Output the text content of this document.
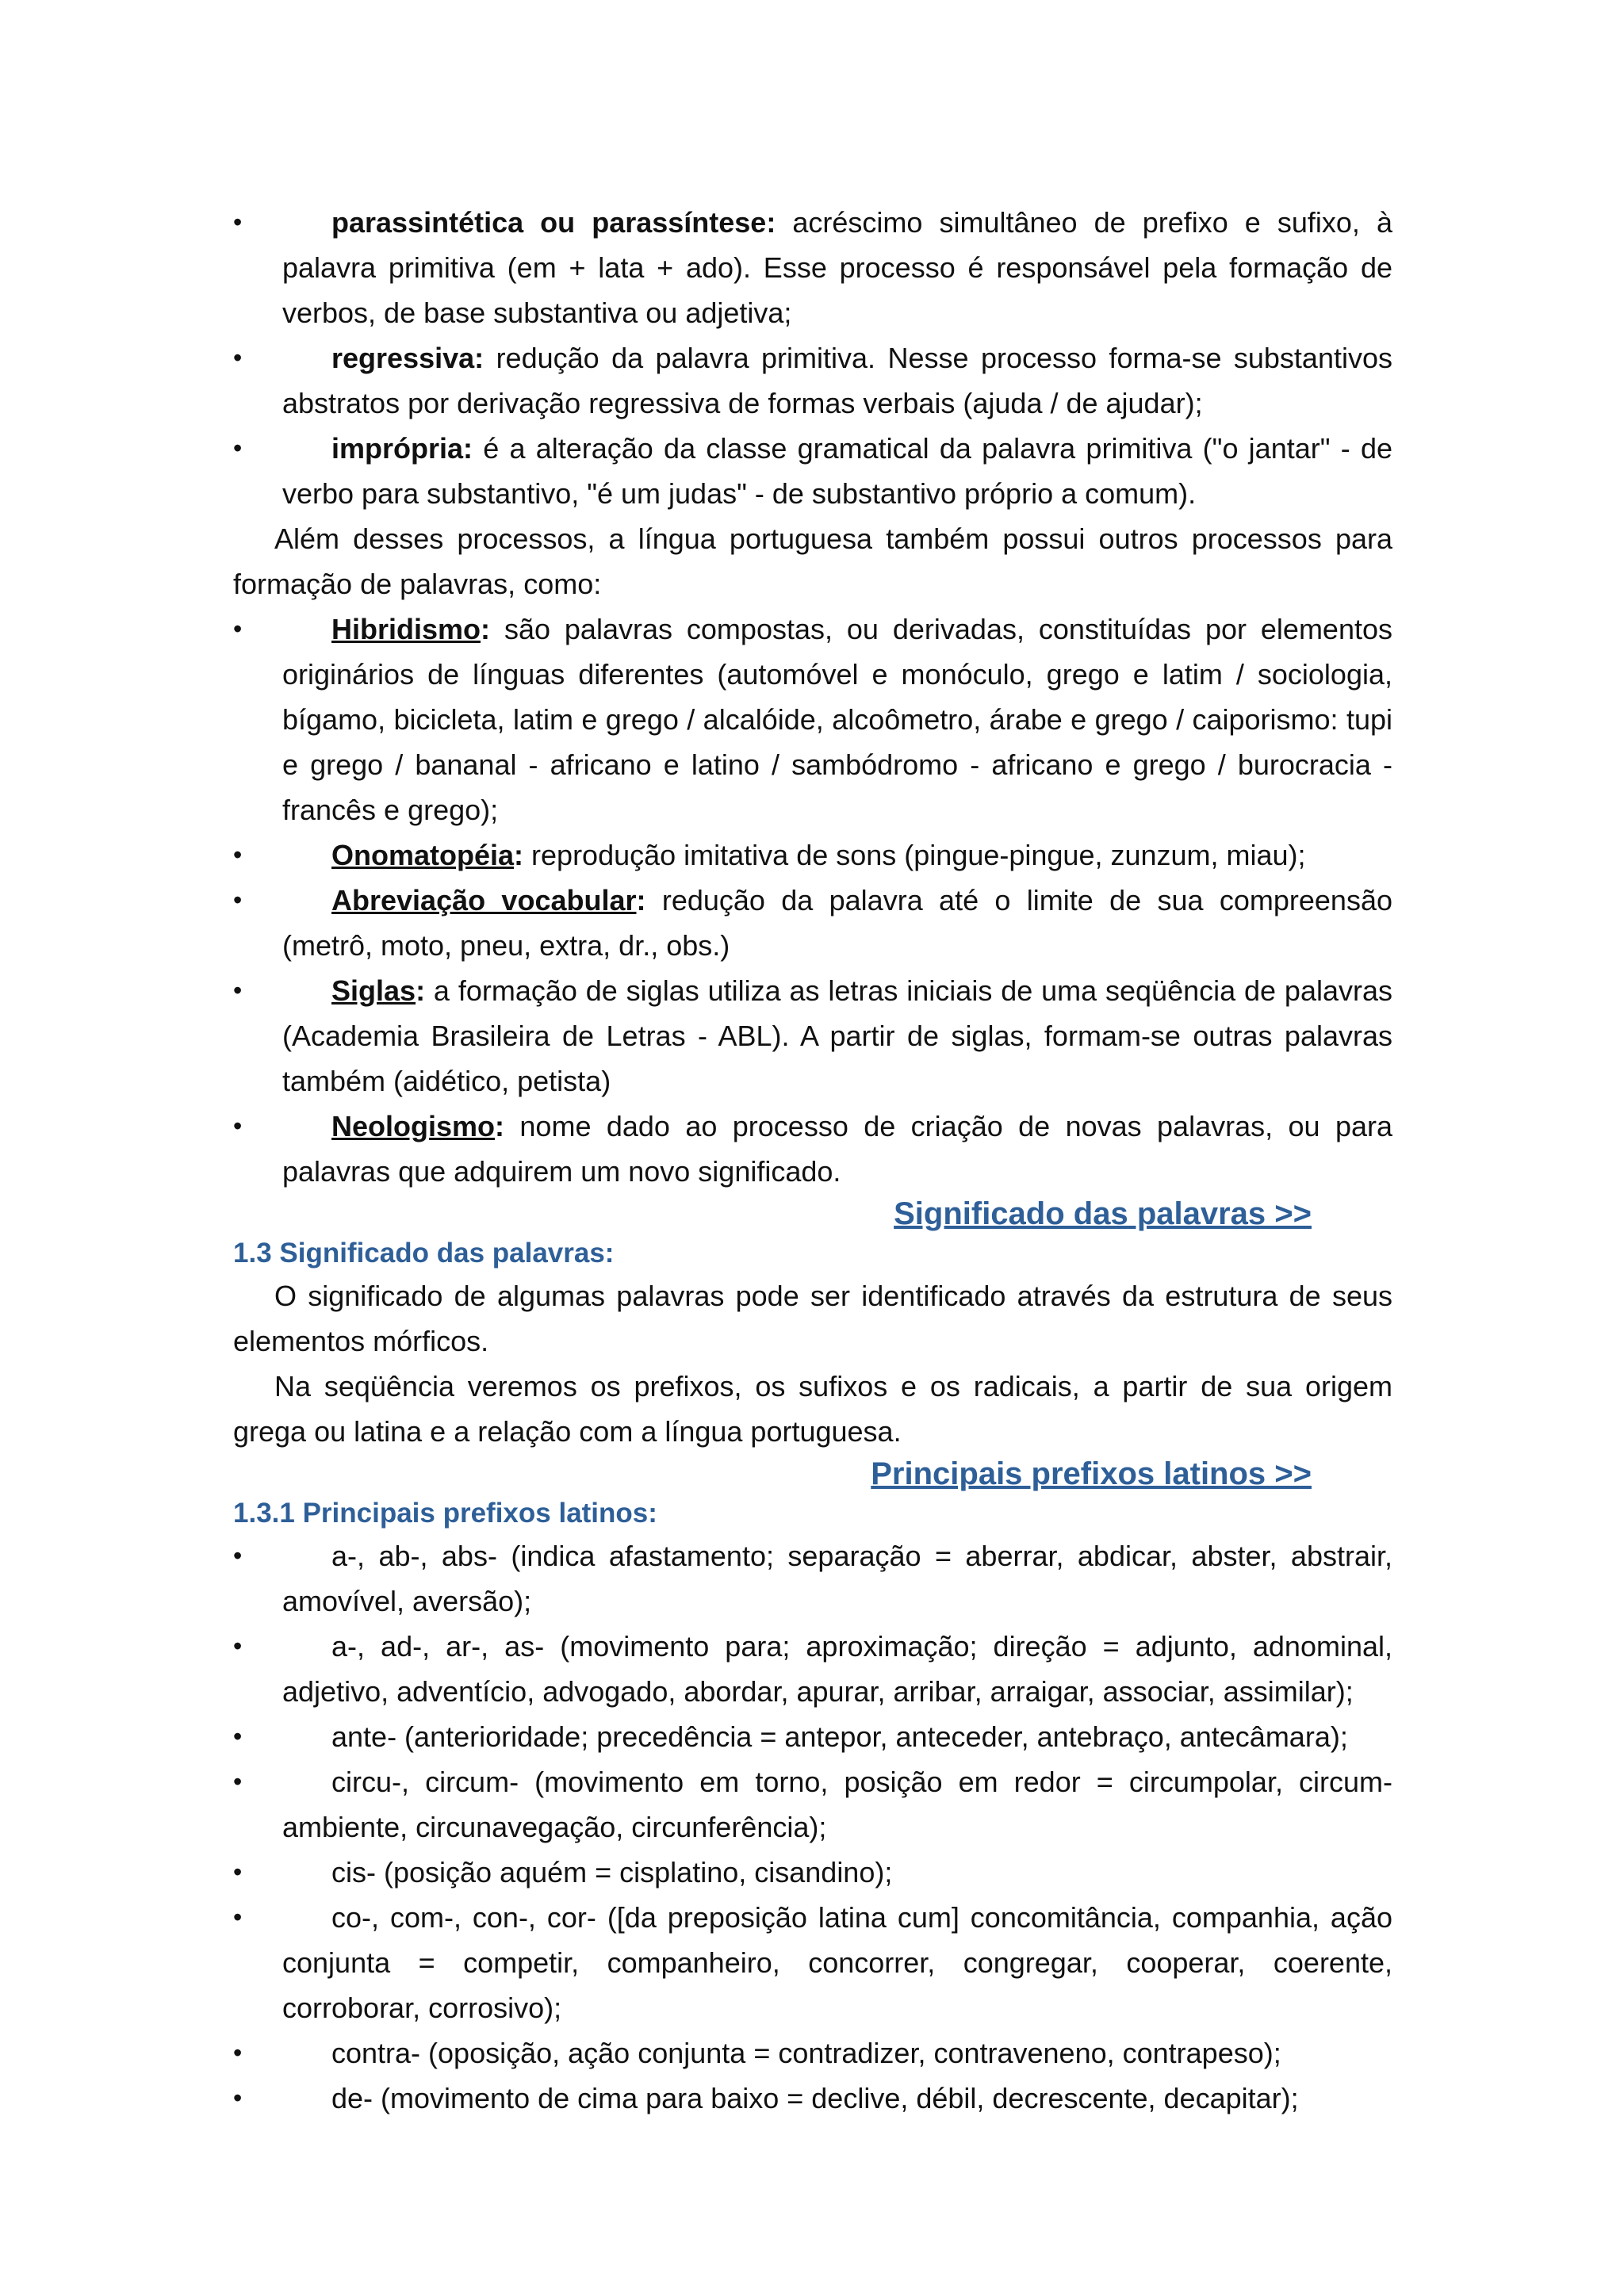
• parassintética ou parassíntese: acréscimo simultâneo de prefixo e sufixo, à palavra primitiva (em + lata + ado). Esse processo é responsável pela formação de verbos, de base substantiva ou adjetiva;

• regressiva: redução da palavra primitiva. Nesse processo forma-se substantivos abstratos por derivação regressiva de formas verbais (ajuda / de ajudar);

• imprópria: é a alteração da classe gramatical da palavra primitiva ("o jantar" - de verbo para substantivo, "é um judas" - de substantivo próprio a comum).

Além desses processos, a língua portuguesa também possui outros processos para formação de palavras, como:

• Hibridismo: são palavras compostas, ou derivadas, constituídas por elementos originários de línguas diferentes (automóvel e monóculo, grego e latim / sociologia, bígamo, bicicleta, latim e grego / alcalóide, alcoômetro, árabe e grego / caiporismo: tupi e grego / bananal - africano e latino / sambódromo - africano e grego / burocracia - francês e grego);

• Onomatopéia: reprodução imitativa de sons (pingue-pingue, zunzum, miau);

• Abreviação vocabular: redução da palavra até o limite de sua compreensão (metrô, moto, pneu, extra, dr., obs.)

• Siglas: a formação de siglas utiliza as letras iniciais de uma seqüência de palavras (Academia Brasileira de Letras - ABL). A partir de siglas, formam-se outras palavras também (aidético, petista)

• Neologismo: nome dado ao processo de criação de novas palavras, ou para palavras que adquirem um novo significado.

Significado das palavras >>

1.3 Significado das palavras:

O significado de algumas palavras pode ser identificado através da estrutura de seus elementos mórficos.

Na seqüência veremos os prefixos, os sufixos e os radicais, a partir de sua origem grega ou latina e a relação com a língua portuguesa.

Principais prefixos latinos >>

1.3.1 Principais prefixos latinos:

• a-, ab-, abs- (indica afastamento; separação = aberrar, abdicar, abster, abstrair, amovível, aversão);

• a-, ad-, ar-, as- (movimento para; aproximação; direção = adjunto, adnominal, adjetivo, adventício, advogado, abordar, apurar, arribar, arraigar, associar, assimilar);

• ante- (anterioridade; precedência = antepor, anteceder, antebraço, antecâmara);

• circu-, circum- (movimento em torno, posição em redor = circumpolar, circum-ambiente, circunavegação, circunferência);

• cis- (posição aquém = cisplatino, cisandino);

• co-, com-, con-, cor- ([da preposição latina cum] concomitância, companhia, ação conjunta = competir, companheiro, concorrer, congregar, cooperar, coerente, corroborar, corrosivo);

• contra- (oposição, ação conjunta = contradizer, contraveneno, contrapeso);

• de- (movimento de cima para baixo = declive, débil, decrescente, decapitar);
